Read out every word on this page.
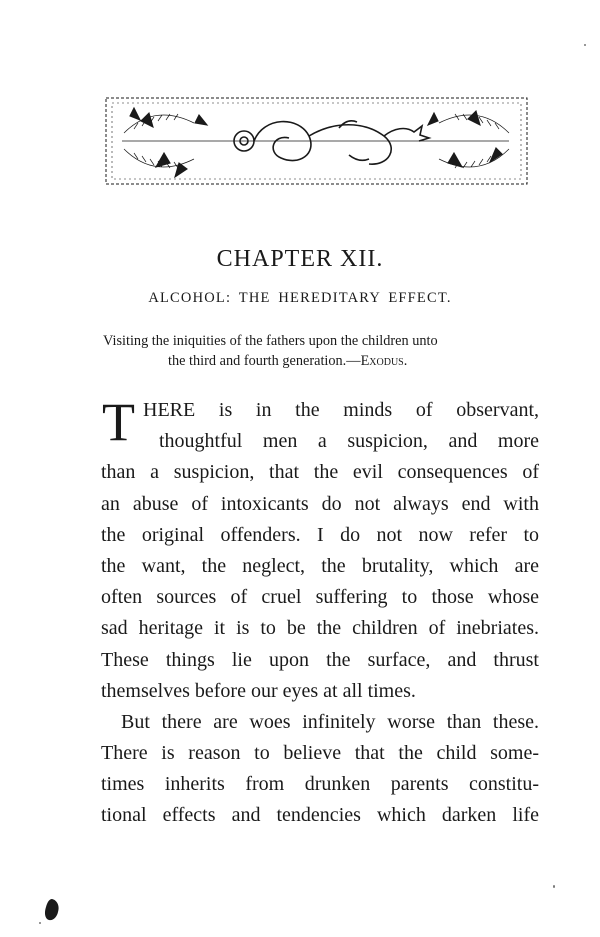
CHAPTER XII.
ALCOHOL: THE HEREDITARY EFFECT.
Visiting the iniquities of the fathers upon the children unto
the third and fourth generation.—Exodus.
T HERE is in the minds of observant,
thoughtful men a suspicion, and more
than a suspicion, that the evil consequences of
an abuse of intoxicants do not always end with
the original offenders. I do not now refer to
the want, the neglect, the brutality, which are
often sources of cruel suffering to those whose
sad heritage it is to be the children of inebriates.
These things lie upon the surface, and thrust
themselves before our eyes at all times.
But there are woes infinitely worse than these.
There is reason to believe that the child some-
times inherits from drunken parents constitu-
tional effects and tendencies which darken life
